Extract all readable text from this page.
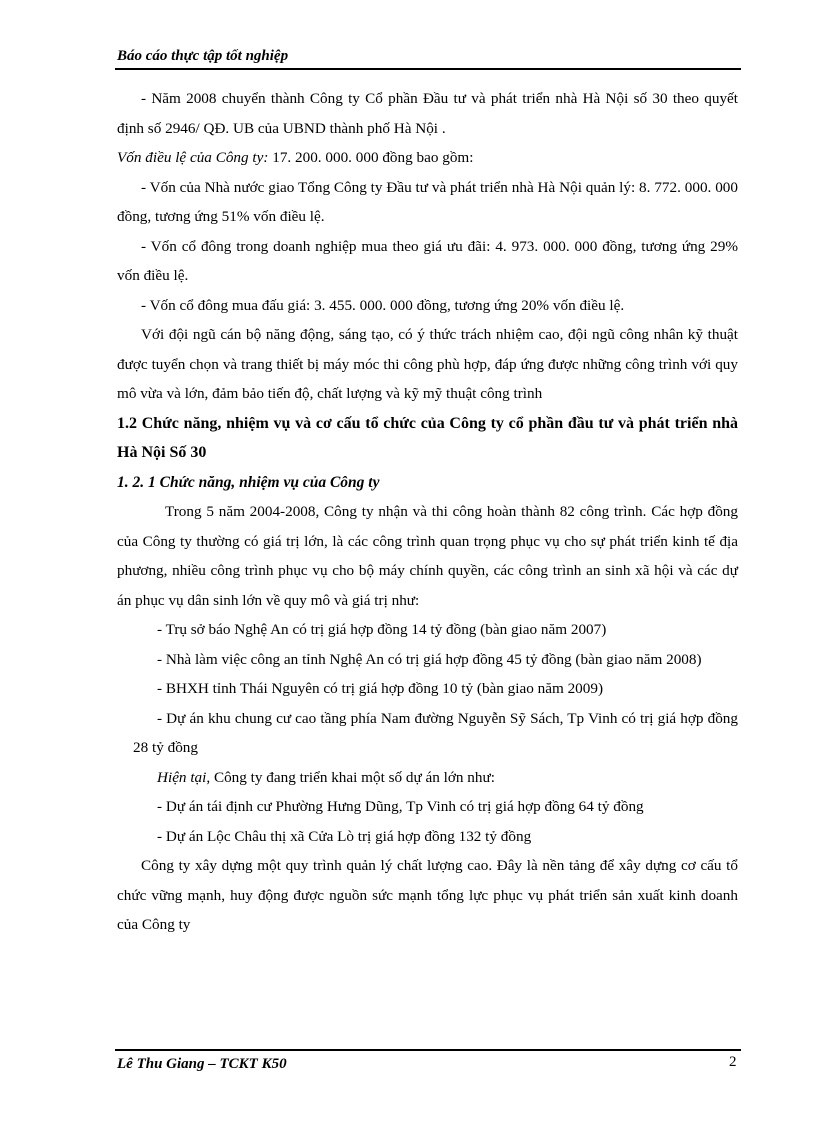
Báo cáo thực tập tốt nghiệp

- Năm 2008 chuyển thành Công ty Cổ phần Đầu tư và phát triển nhà Hà Nội số 30 theo quyết định số 2946/ QĐ. UB của UBND thành phố Hà Nội .

Vốn điều lệ của Công ty: 17. 200. 000. 000 đồng bao gồm:

- Vốn của Nhà nước giao Tổng Công ty Đầu tư và phát triển nhà Hà Nội quản lý: 8. 772. 000. 000 đồng, tương ứng 51% vốn điều lệ.

- Vốn cổ đông trong doanh nghiệp mua theo giá ưu đãi: 4. 973. 000. 000 đồng, tương ứng 29% vốn điều lệ.

- Vốn cổ đông mua đấu giá: 3. 455. 000. 000 đồng, tương ứng 20% vốn điều lệ.

Với đội ngũ cán bộ năng động, sáng tạo, có ý thức trách nhiệm cao, đội ngũ công nhân kỹ thuật được tuyển chọn và trang thiết bị máy móc thi công phù hợp, đáp ứng được những công trình với quy mô vừa và lớn, đảm bảo tiến độ, chất lượng và kỹ mỹ thuật công trình

1.2 Chức năng, nhiệm vụ và cơ cấu tổ chức của Công ty cổ phần đầu tư và phát triển nhà Hà Nội Số 30

1. 2. 1 Chức năng, nhiệm vụ của Công ty

Trong 5 năm 2004-2008, Công ty nhận và thi công hoàn thành 82 công trình. Các hợp đồng của Công ty thường có giá trị lớn, là các công trình quan trọng phục vụ cho sự phát triển kinh tế địa phương, nhiều công trình phục vụ cho bộ máy chính quyền, các công trình an sinh xã hội và các dự án phục vụ dân sinh lớn về quy mô và giá trị như:

- Trụ sở báo Nghệ An có trị giá hợp đồng 14 tỷ đồng (bàn giao năm 2007)

- Nhà làm việc công an tỉnh Nghệ An có trị giá hợp đồng 45 tỷ đồng (bàn giao năm 2008)

- BHXH tỉnh Thái Nguyên có trị giá hợp đồng 10 tỷ (bàn giao năm 2009)

- Dự án khu chung cư cao tầng phía Nam đường Nguyễn Sỹ Sách, Tp Vinh có trị giá hợp đồng 28 tỷ đồng

Hiện tại, Công ty đang triển khai một số dự án lớn như:

- Dự án tái định cư Phường Hưng Dũng, Tp Vinh có trị giá hợp đồng 64 tỷ đồng

- Dự án Lộc Châu thị xã Cửa Lò trị giá hợp đồng 132 tỷ đồng

Công ty xây dựng một quy trình quản lý chất lượng cao. Đây là nền tảng để xây dựng cơ cấu tổ chức vững mạnh, huy động được nguồn sức mạnh tổng lực phục vụ phát triển sản xuất kinh doanh của Công ty

Lê Thu Giang – TCKT K50	2
